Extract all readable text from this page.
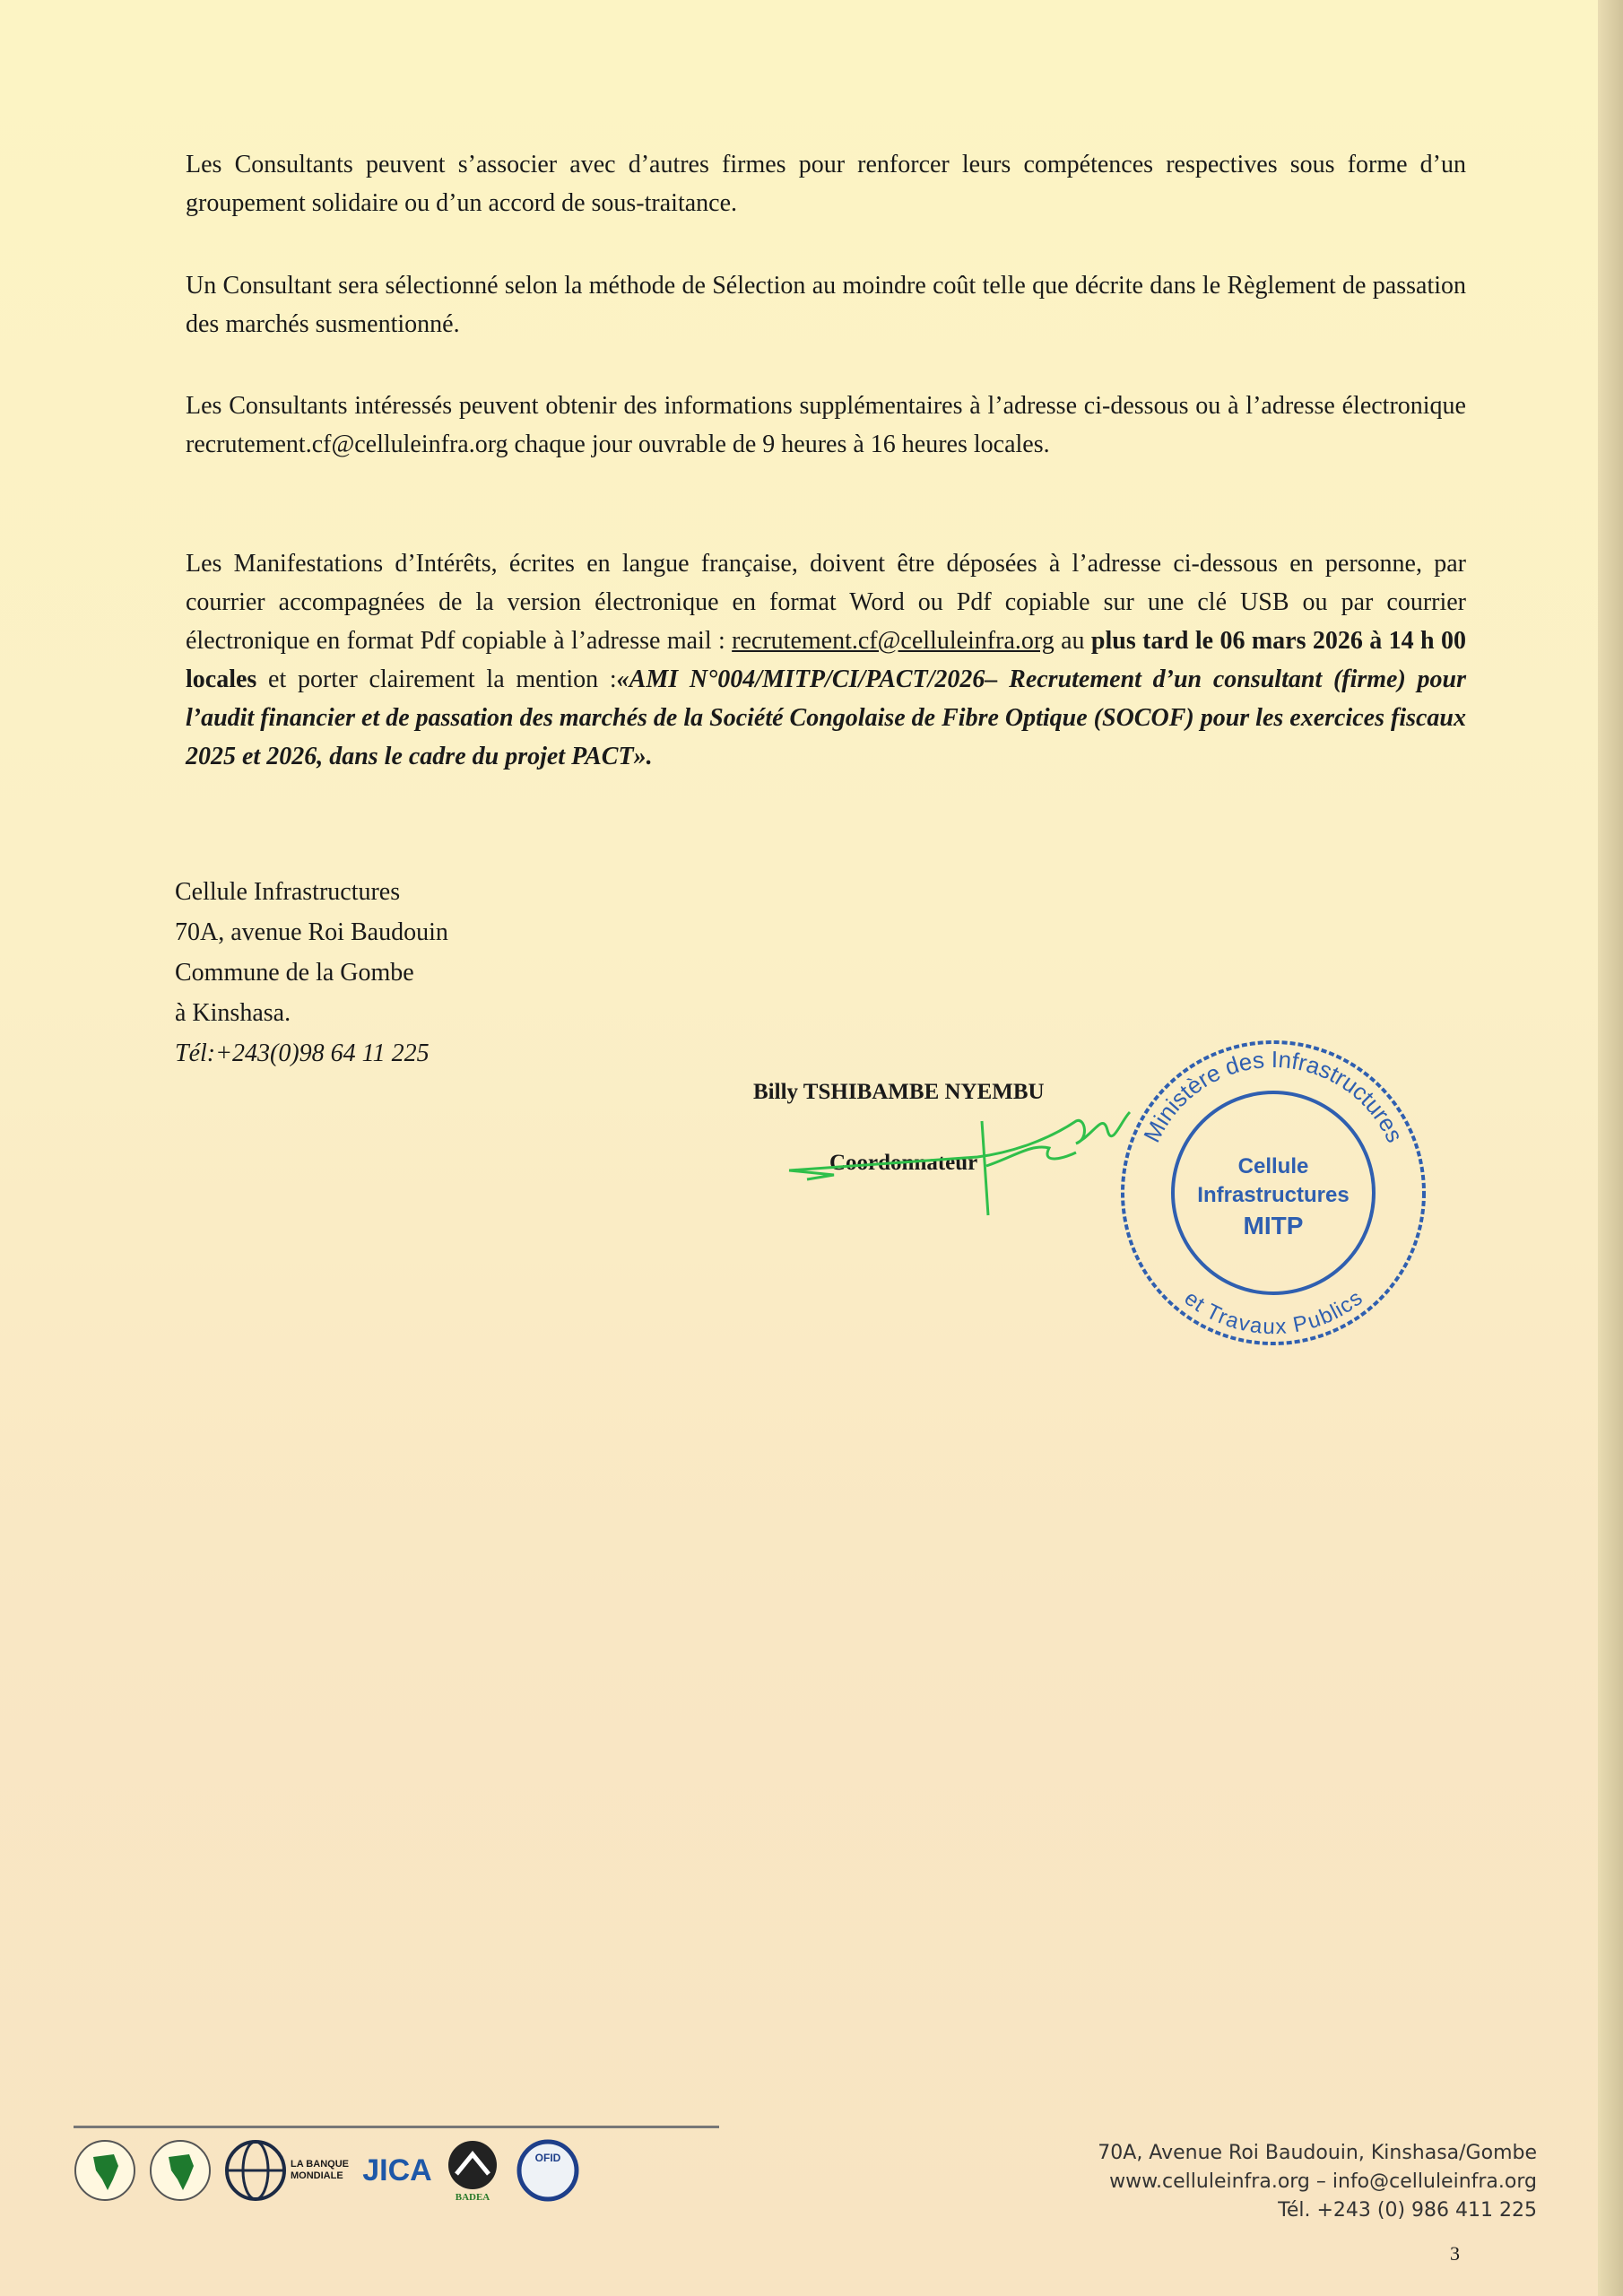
Les Consultants peuvent s’associer avec d’autres firmes pour renforcer leurs compétences respectives sous forme d’un groupement solidaire ou d’un accord de sous-traitance.

Un Consultant sera sélectionné selon la méthode de Sélection au moindre coût telle que décrite dans le Règlement de passation des marchés susmentionné.

Les Consultants intéressés peuvent obtenir des informations supplémentaires à l’adresse ci-dessous ou à l’adresse électronique recrutement.cf@celluleinfra.org chaque jour ouvrable de 9 heures à 16 heures locales.

Les Manifestations d’Intérêts, écrites en langue française, doivent être déposées à l’adresse ci-dessous en personne, par courrier accompagnées de la version électronique en format Word ou Pdf copiable sur une clé USB ou par courrier électronique en format Pdf copiable à l’adresse mail : recrutement.cf@celluleinfra.org au plus tard le 06 mars 2026 à 14 h 00 locales et porter clairement la mention :«AMI N°004/MITP/CI/PACT/2026– Recrutement d’un consultant (firme) pour l’audit financier et de passation des marchés de la Société Congolaise de Fibre Optique (SOCOF) pour les exercices fiscaux 2025 et 2026, dans le cadre du projet PACT».

Cellule Infrastructures
70A, avenue Roi Baudouin
Commune de la Gombe
à Kinshasa.
Tél:+243(0)98 64 11 225
Billy TSHIBAMBE NYEMBU
Coordonnateur
Ministère des Infrastructures
et Travaux Publics
Cellule
Infrastructures
MITP
LA BANQUE MONDIALE JICA
BADEA
OFID	70A, Avenue Roi Baudouin, Kinshasa/Gombe
www.celluleinfra.org – info@celluleinfra.org
Tél. +243 (0) 986 411 225
3
